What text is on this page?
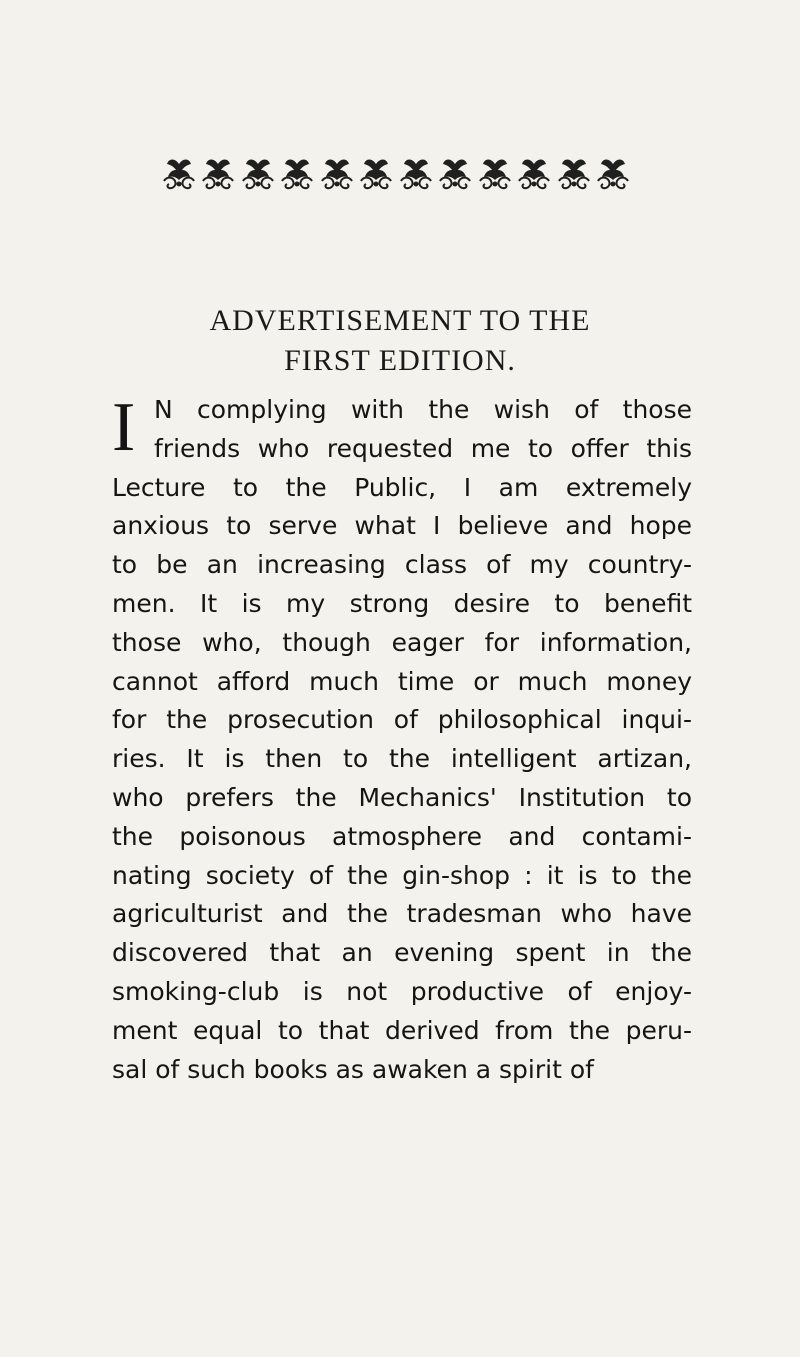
ADVERTISEMENT TO THE
FIRST EDITION.
I N complying with the wish of those
friends who requested me to offer this
Lecture to the Public, I am extremely
anxious to serve what I believe and hope
to be an increasing class of my country-
men. It is my strong desire to benefit
those who, though eager for information,
cannot afford much time or much money
for the prosecution of philosophical inqui-
ries. It is then to the intelligent artizan,
who prefers the Mechanics' Institution to
the poisonous atmosphere and contami-
nating society of the gin-shop : it is to the
agriculturist and the tradesman who have
discovered that an evening spent in the
smoking-club is not productive of enjoy-
ment equal to that derived from the peru-
sal of such books as awaken a spirit of
